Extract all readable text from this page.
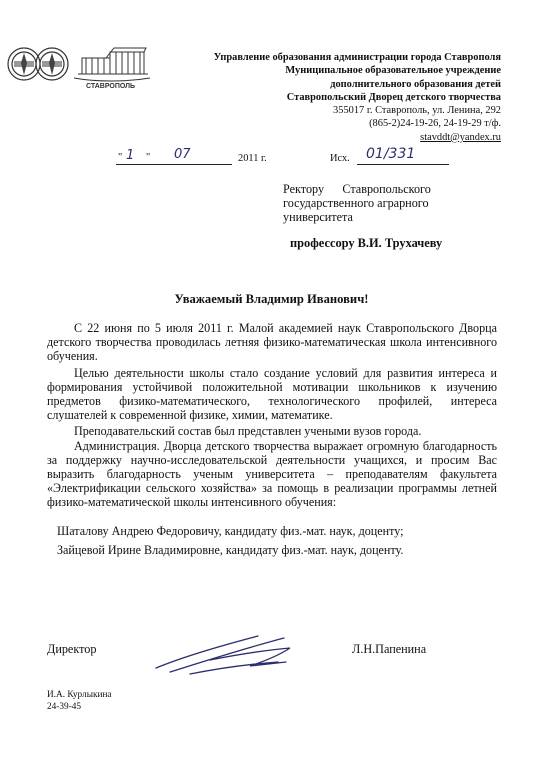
СТАВРОПОЛЬ
Управление образования администрации города Ставрополя
Муниципальное образовательное учреждение
дополнительного образования детей
Ставропольский Дворец детского творчества
355017 г. Ставрополь, ул. Ленина, 292
(865-2)24-19-26, 24-19-29 т/ф.
stavddt@yandex.ru
" 1 " 07	2011 г.	Исх. 01/331
Ректору      Ставропольского
государственного аграрного
университета
профессору В.И. Трухачеву
Уважаемый Владимир Иванович!

С 22 июня по 5 июля 2011 г. Малой академией наук Ставропольского Дворца детского творчества проводилась летняя физико-математическая школа интенсивного обучения.

Целью деятельности школы стало создание условий для развития интереса и формирования устойчивой положительной мотивации школьников к изучению предметов физико-математического, технологического профилей, интереса слушателей к современной физике, химии, математике.

Преподавательский состав был представлен учеными вузов города.

Администрация. Дворца детского творчества выражает огромную благодарность за поддержку научно-исследовательской деятельности учащихся, и просим Вас выразить благодарность ученым университета – преподавателям факультета «Электрификации сельского хозяйства» за помощь в реализации программы летней физико-математической школы интенсивного обучения:

Шаталову Андрею Федоровичу, кандидату физ.-мат. наук, доценту;
Зайцевой Ирине Владимировне, кандидату физ.-мат. наук, доценту.
Директор	Л.Н.Папенина
И.А. Курлыкина
24-39-45
